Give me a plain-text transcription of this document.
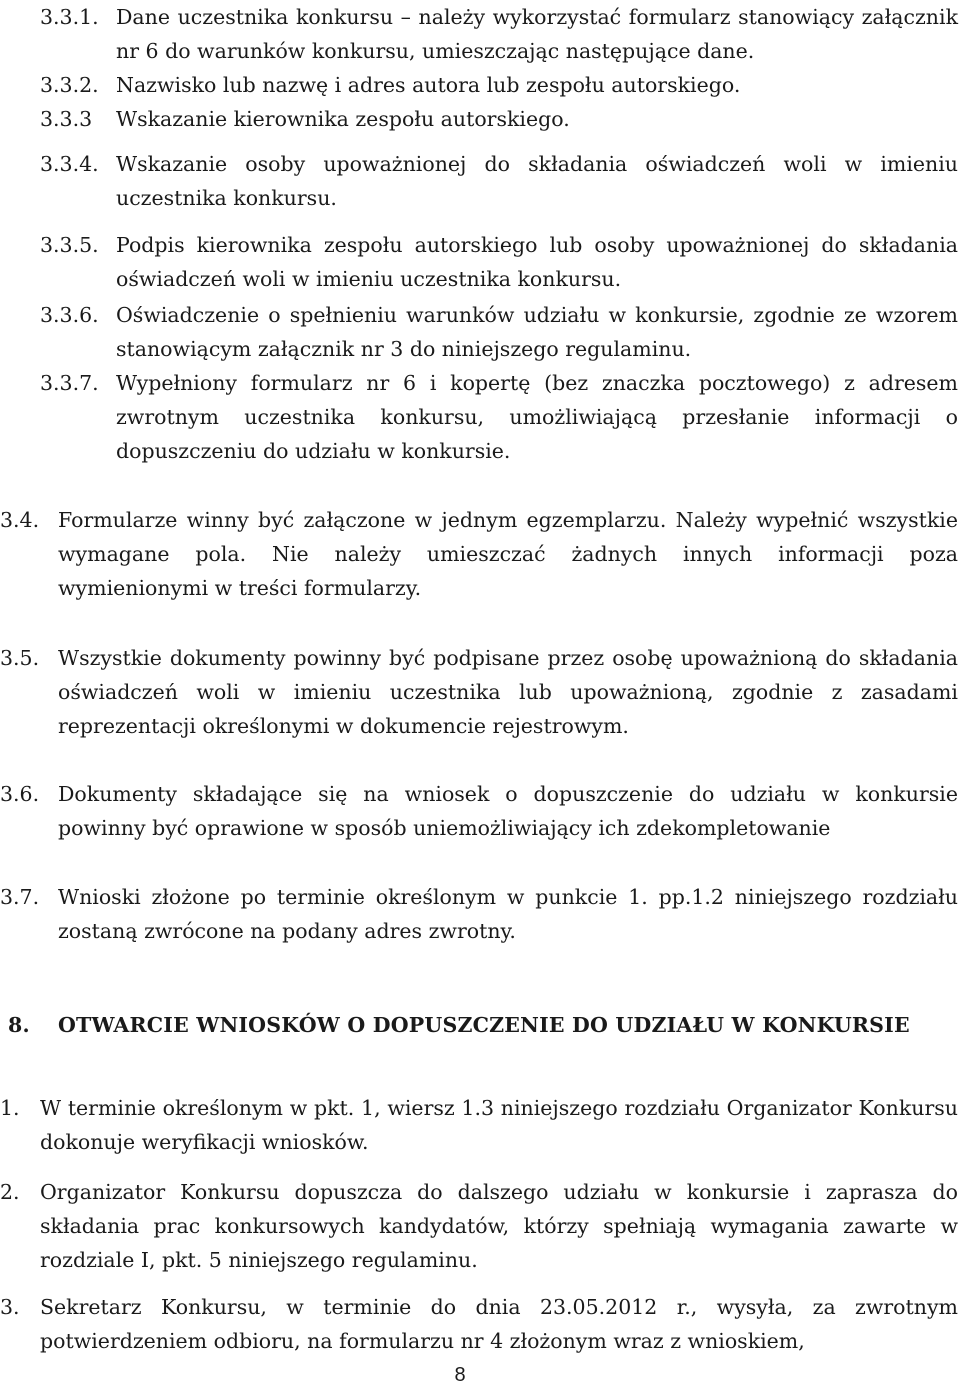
3.3.1. Dane uczestnika konkursu – należy wykorzystać formularz stanowiący załącznik nr 6 do warunków konkursu, umieszczając następujące dane.
3.3.2. Nazwisko lub nazwę i adres autora lub zespołu autorskiego.
3.3.3 Wskazanie kierownika zespołu autorskiego.
3.3.4. Wskazanie osoby upoważnionej do składania oświadczeń woli w imieniu uczestnika konkursu.
3.3.5. Podpis kierownika zespołu autorskiego lub osoby upoważnionej do składania oświadczeń woli w imieniu uczestnika konkursu.
3.3.6. Oświadczenie o spełnieniu warunków udziału w konkursie, zgodnie ze wzorem stanowiącym załącznik nr 3 do niniejszego regulaminu.
3.3.7. Wypełniony formularz nr 6 i kopertę (bez znaczka pocztowego) z adresem zwrotnym uczestnika konkursu, umożliwiającą przesłanie informacji o dopuszczeniu do udziału w konkursie.
3.4. Formularze winny być załączone w jednym egzemplarzu. Należy wypełnić wszystkie wymagane pola. Nie należy umieszczać żadnych innych informacji poza wymienionymi w treści formularzy.
3.5. Wszystkie dokumenty powinny być podpisane przez osobę upoważnioną do składania oświadczeń woli w imieniu uczestnika lub upoważnioną, zgodnie z zasadami reprezentacji określonymi w dokumencie rejestrowym.
3.6. Dokumenty składające się na wniosek o dopuszczenie do udziału w konkursie powinny być oprawione w sposób uniemożliwiający ich zdekompletowanie
3.7. Wnioski złożone po terminie określonym w punkcie 1. pp.1.2 niniejszego rozdziału zostaną zwrócone na podany adres zwrotny.
8.	OTWARCIE WNIOSKÓW O DOPUSZCZENIE DO UDZIAŁU W KONKURSIE
1. W terminie określonym w pkt. 1, wiersz 1.3 niniejszego rozdziału Organizator Konkursu dokonuje weryfikacji wniosków.
2. Organizator Konkursu dopuszcza do dalszego udziału w konkursie i zaprasza do składania prac konkursowych kandydatów, którzy spełniają wymagania zawarte w rozdziale I, pkt. 5 niniejszego regulaminu.
3. Sekretarz Konkursu, w terminie do dnia 23.05.2012 r., wysyła, za zwrotnym potwierdzeniem odbioru, na formularzu nr 4 złożonym wraz z wnioskiem,
8
